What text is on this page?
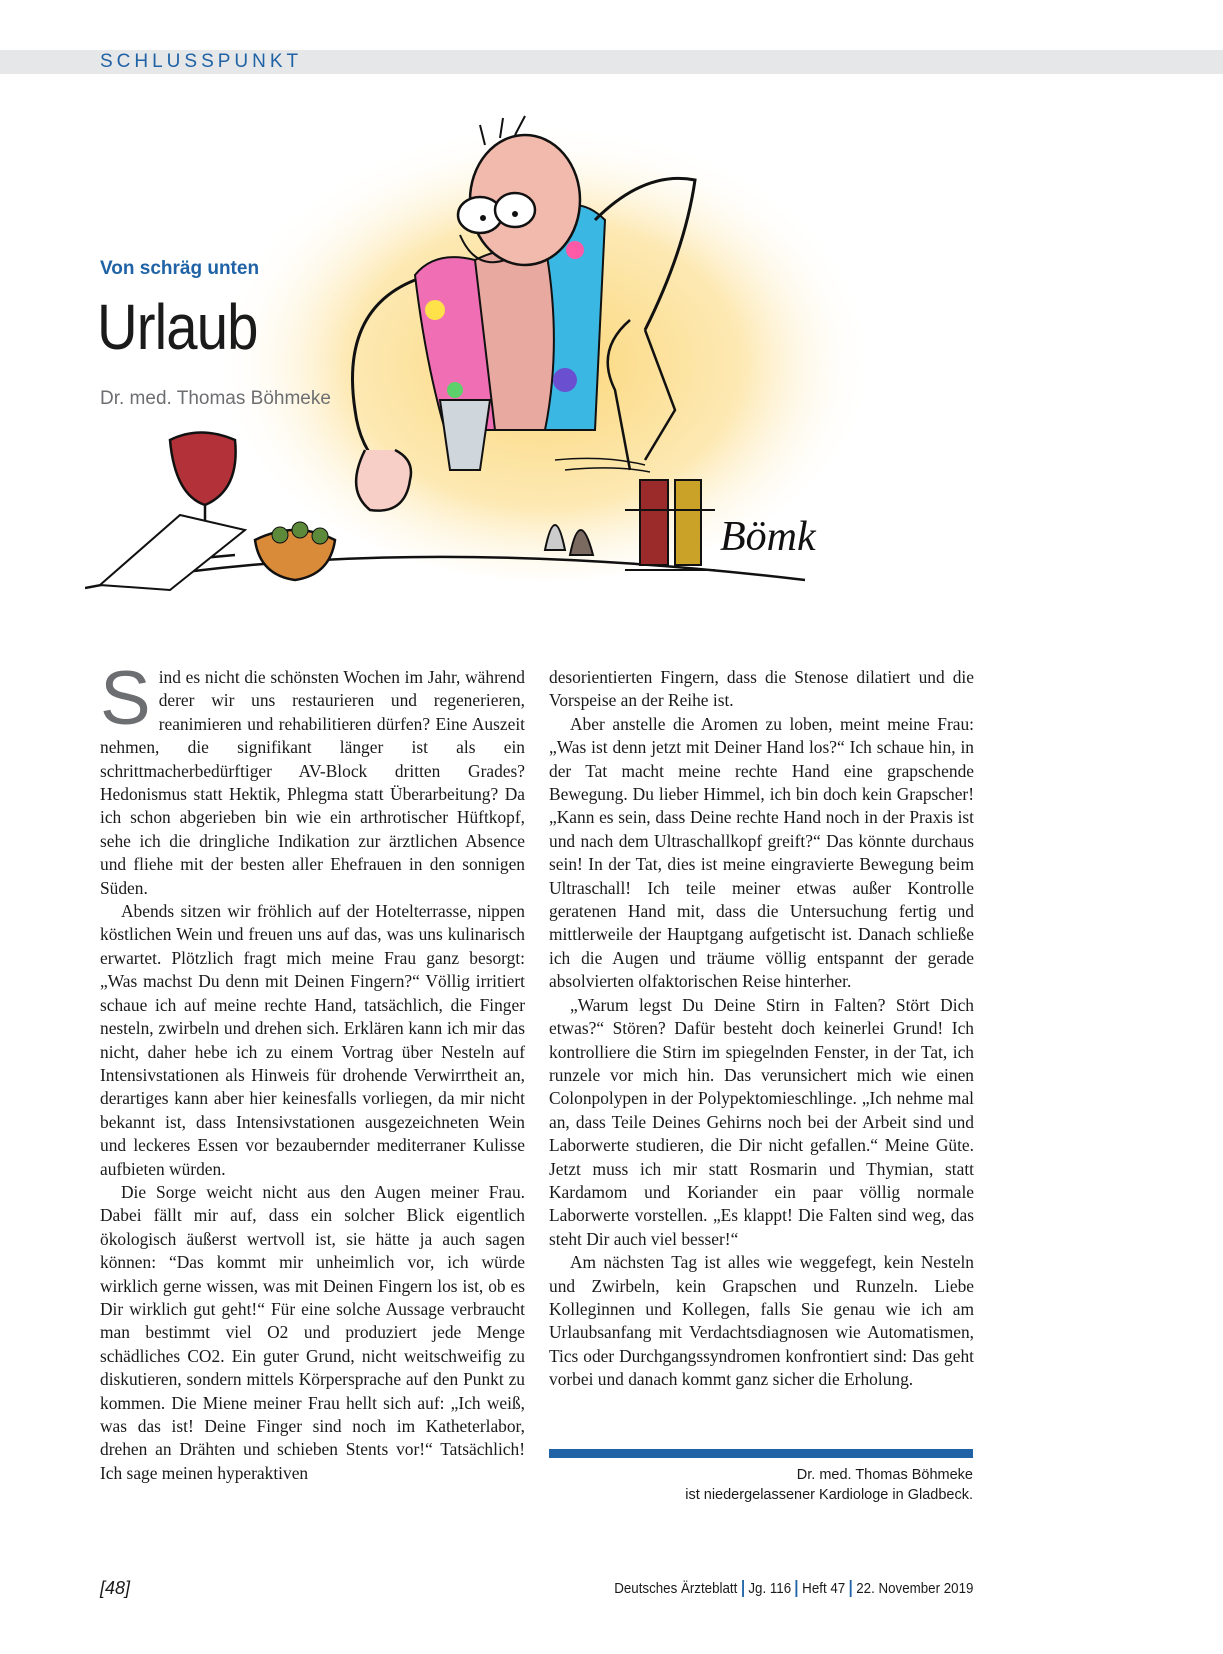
SCHLUSSPUNKT
Bömk
Von schräg unten
Urlaub
Dr. med. Thomas Böhmeke

Sind es nicht die schönsten Wochen im Jahr, während derer wir uns restaurieren und regenerieren, reanimieren und rehabilitieren dürfen? Eine Auszeit nehmen, die signifikant länger ist als ein schrittmacherbedürftiger AV-Block dritten Grades? Hedonismus statt Hektik, Phlegma statt Überarbeitung? Da ich schon abgerieben bin wie ein arthrotischer Hüftkopf, sehe ich die dringliche Indikation zur ärztlichen Absence und fliehe mit der besten aller Ehefrauen in den sonnigen Süden.

Abends sitzen wir fröhlich auf der Hotelterrasse, nippen köstlichen Wein und freuen uns auf das, was uns kulinarisch erwartet. Plötzlich fragt mich meine Frau ganz besorgt: „Was machst Du denn mit Deinen Fingern?“ Völlig irritiert schaue ich auf meine rechte Hand, tatsächlich, die Finger nesteln, zwirbeln und drehen sich. Erklären kann ich mir das nicht, daher hebe ich zu einem Vortrag über Nesteln auf Intensivstationen als Hinweis für drohende Verwirrtheit an, derartiges kann aber hier keinesfalls vorliegen, da mir nicht bekannt ist, dass Intensivstationen ausgezeichneten Wein und leckeres Essen vor bezaubernder mediterraner Kulisse aufbieten würden.

Die Sorge weicht nicht aus den Augen meiner Frau. Dabei fällt mir auf, dass ein solcher Blick eigentlich ökologisch äußerst wertvoll ist, sie hätte ja auch sagen können: “Das kommt mir unheimlich vor, ich würde wirklich gerne wissen, was mit Deinen Fingern los ist, ob es Dir wirklich gut geht!“ Für eine solche Aussage verbraucht man bestimmt viel O2 und produziert jede Menge schädliches CO2. Ein guter Grund, nicht weitschweifig zu diskutieren, sondern mittels Körpersprache auf den Punkt zu kommen. Die Miene meiner Frau hellt sich auf: „Ich weiß, was das ist! Deine Finger sind noch im Katheterlabor, drehen an Drähten und schieben Stents vor!“ Tatsächlich! Ich sage meinen hyperaktiven

desorientierten Fingern, dass die Stenose dilatiert und die Vorspeise an der Reihe ist.

Aber anstelle die Aromen zu loben, meint meine Frau: „Was ist denn jetzt mit Deiner Hand los?“ Ich schaue hin, in der Tat macht meine rechte Hand eine grapschende Bewegung. Du lieber Himmel, ich bin doch kein Grapscher! „Kann es sein, dass Deine rechte Hand noch in der Praxis ist und nach dem Ultraschallkopf greift?“ Das könnte durchaus sein! In der Tat, dies ist meine eingravierte Bewegung beim Ultraschall! Ich teile meiner etwas außer Kontrolle geratenen Hand mit, dass die Untersuchung fertig und mittlerweile der Hauptgang aufgetischt ist. Danach schließe ich die Augen und träume völlig entspannt der gerade absolvierten olfaktorischen Reise hinterher.

„Warum legst Du Deine Stirn in Falten? Stört Dich etwas?“ Stören? Dafür besteht doch keinerlei Grund! Ich kontrolliere die Stirn im spiegelnden Fenster, in der Tat, ich runzele vor mich hin. Das verunsichert mich wie einen Colonpolypen in der Polypektomieschlinge. „Ich nehme mal an, dass Teile Deines Gehirns noch bei der Arbeit sind und Laborwerte studieren, die Dir nicht gefallen.“ Meine Güte. Jetzt muss ich mir statt Rosmarin und Thymian, statt Kardamom und Koriander ein paar völlig normale Laborwerte vorstellen. „Es klappt! Die Falten sind weg, das steht Dir auch viel besser!“

Am nächsten Tag ist alles wie weggefegt, kein Nesteln und Zwirbeln, kein Grapschen und Runzeln. Liebe Kolleginnen und Kollegen, falls Sie genau wie ich am Urlaubsanfang mit Verdachtsdiagnosen wie Automatismen, Tics oder Durchgangssyndromen konfrontiert sind: Das geht vorbei und danach kommt ganz sicher die Erholung.

Dr. med. Thomas Böhmeke
ist niedergelassener Kardiologe in Gladbeck.
[48]	Deutsches Ärzteblatt Jg. 116 Heft 47 22. November 2019
